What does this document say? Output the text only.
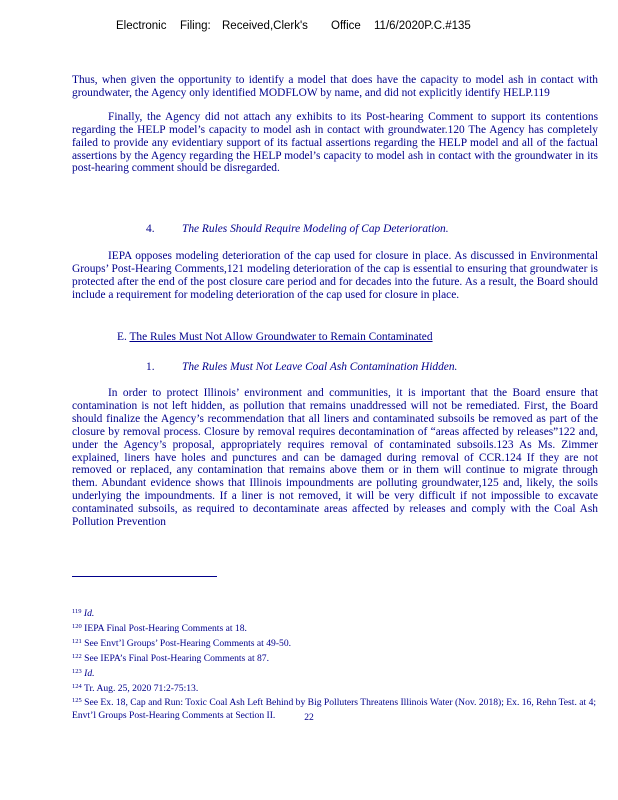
Electronic Filing: Received,Clerk's Office 11/6/2020P.C.#135

Thus, when given the opportunity to identify a model that does have the capacity to model ash in contact with groundwater, the Agency only identified MODFLOW by name, and did not explicitly identify HELP.119

Finally, the Agency did not attach any exhibits to its Post-hearing Comment to support its contentions regarding the HELP model’s capacity to model ash in contact with groundwater.120 The Agency has completely failed to provide any evidentiary support of its factual assertions regarding the HELP model and all of the factual assertions by the Agency regarding the HELP model’s capacity to model ash in contact with the groundwater in its post-hearing comment should be disregarded.

4. The Rules Should Require Modeling of Cap Deterioration.

IEPA opposes modeling deterioration of the cap used for closure in place. As discussed in Environmental Groups’ Post-Hearing Comments,121 modeling deterioration of the cap is essential to ensuring that groundwater is protected after the end of the post closure care period and for decades into the future. As a result, the Board should include a requirement for modeling deterioration of the cap used for closure in place.

E. The Rules Must Not Allow Groundwater to Remain Contaminated
1. The Rules Must Not Leave Coal Ash Contamination Hidden.

In order to protect Illinois’ environment and communities, it is important that the Board ensure that contamination is not left hidden, as pollution that remains unaddressed will not be remediated. First, the Board should finalize the Agency’s recommendation that all liners and contaminated subsoils be removed as part of the closure by removal process. Closure by removal requires decontamination of “areas affected by releases”122 and, under the Agency’s proposal, appropriately requires removal of contaminated subsoils.123 As Ms. Zimmer explained, liners have holes and punctures and can be damaged during removal of CCR.124 If they are not removed or replaced, any contamination that remains above them or in them will continue to migrate through them. Abundant evidence shows that Illinois impoundments are polluting groundwater,125 and, likely, the soils underlying the impoundments. If a liner is not removed, it will be very difficult if not impossible to excavate contaminated subsoils, as required to decontaminate areas affected by releases and comply with the Coal Ash Pollution Prevention

$^{119}$ Id.
$^{120}$ IEPA Final Post-Hearing Comments at 18.
$^{121}$ See Envt’l Groups’ Post-Hearing Comments at 49-50.
$^{122}$ See IEPA’s Final Post-Hearing Comments at 87.
$^{123}$ Id.
$^{124}$ Tr. Aug. 25, 2020 71:2-75:13.
$^{125}$ See Ex. 18, Cap and Run: Toxic Coal Ash Left Behind by Big Polluters Threatens Illinois Water (Nov. 2018); Ex. 16, Rehn Test. at 4; Envt’l Groups Post-Hearing Comments at Section II.	22
